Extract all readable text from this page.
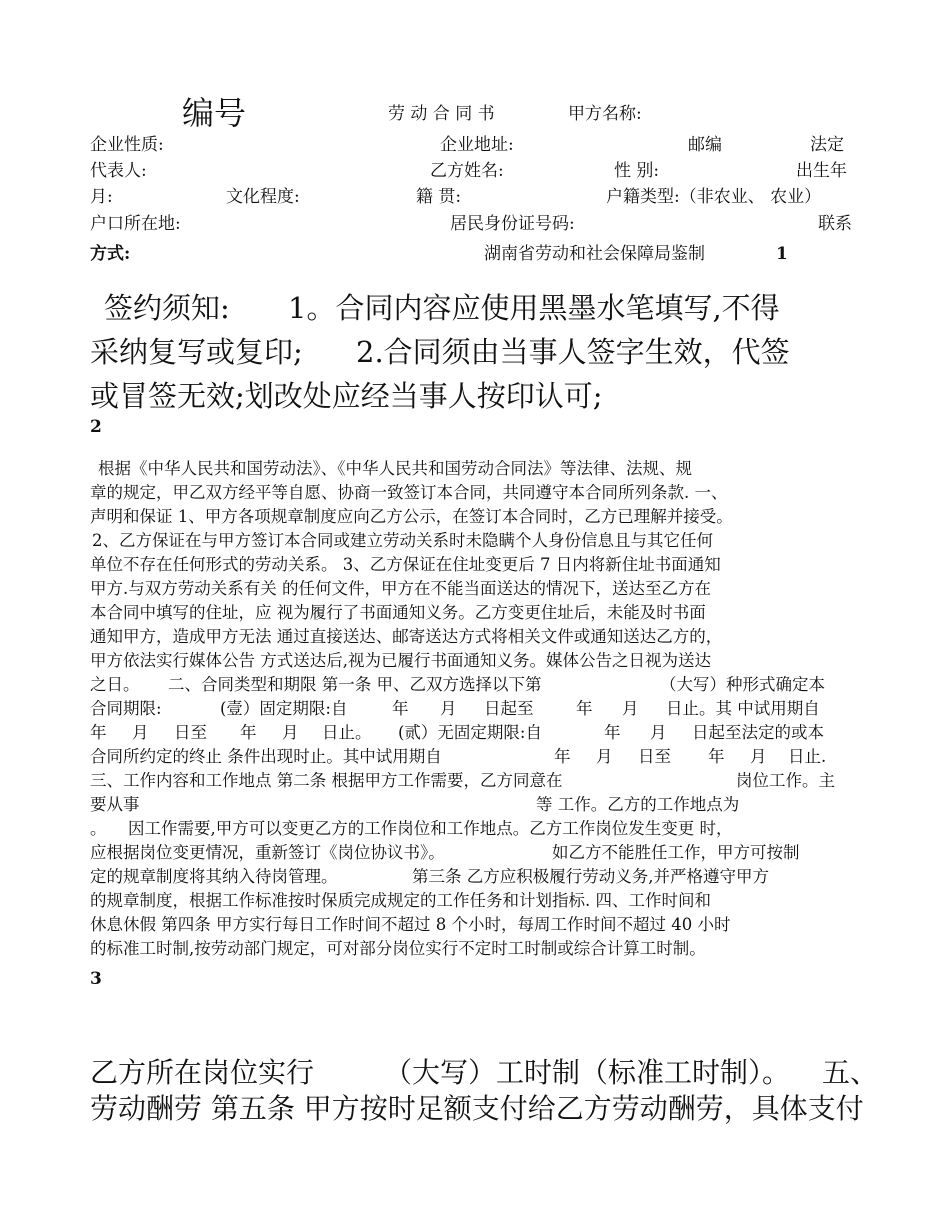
编号	劳 动 合 同 书	甲方名称:
企业性质:	企业地址:	邮编	法定
代表人:	乙方姓名:	性 别:	出生年
月:	文化程度:	籍 贯:	户籍类型:（非农业、 农业）
户口所在地:	居民身份证号码:	联系
方式:	湖南省劳动和社会保障局鉴制	1
签约须知: 1。合同内容应使用黑墨水笔填写,不得
采纳复写或复印; 2.合同须由当事人签字生效，代签
或冒签无效;划改处应经当事人按印认可;
2
根据《中华人民共和国劳动法》、《中华人民共和国劳动合同法》等法律、法规、规
章的规定，甲乙双方经平等自愿、协商一致签订本合同，共同遵守本合同所列条款. 一、
声明和保证 1、甲方各项规章制度应向乙方公示，在签订本合同时，乙方已理解并接受。
2、乙方保证在与甲方签订本合同或建立劳动关系时未隐瞒个人身份信息且与其它任何
单位不存在任何形式的劳动关系。 3、乙方保证在住址变更后 7 日内将新住址书面通知
甲方.与双方劳动关系有关 的任何文件，甲方在不能当面送达的情况下，送达至乙方在
本合同中填写的住址，应 视为履行了书面通知义务。乙方变更住址后，未能及时书面
通知甲方，造成甲方无法 通过直接送达、邮寄送达方式将相关文件或通知送达乙方的，
甲方依法实行媒体公告 方式送达后,视为已履行书面通知义务。媒体公告之日视为送达
之日。 二、合同类型和期限 第一条 甲、乙双方选择以下第	（大写）种形式确定本
合同期限:	(壹）固定期限:自	年 月 日起至	年 月 日止。其 中试用期自
年 月 日至 年 月 日止。 (贰）无固定期限:自	年 月 日起至法定的或本
合同所约定的终止 条件出现时止。其中试用期自	年 月 日至 年 月 日止.
三、工作内容和工作地点 第二条 根据甲方工作需要，乙方同意在	岗位工作。主
要从事	等 工作。乙方的工作地点为
。 因工作需要,甲方可以变更乙方的工作岗位和工作地点。乙方工作岗位发生变更 时，
应根据岗位变更情况，重新签订《岗位协议书》。	如乙方不能胜任工作，甲方可按制
定的规章制度将其纳入待岗管理。	第三条 乙方应积极履行劳动义务,并严格遵守甲方
的规章制度，根据工作标准按时保质完成规定的工作任务和计划指标. 四、工作时间和
休息休假 第四条 甲方实行每日工作时间不超过 8 个小时，每周工作时间不超过 40 小时
的标准工时制,按劳动部门规定，可对部分岗位实行不定时工时制或综合计算工时制。
3
乙方所在岗位实行 （大写）工时制（标准工时制）。 五、
劳动酬劳 第五条 甲方按时足额支付给乙方劳动酬劳，具体支付
